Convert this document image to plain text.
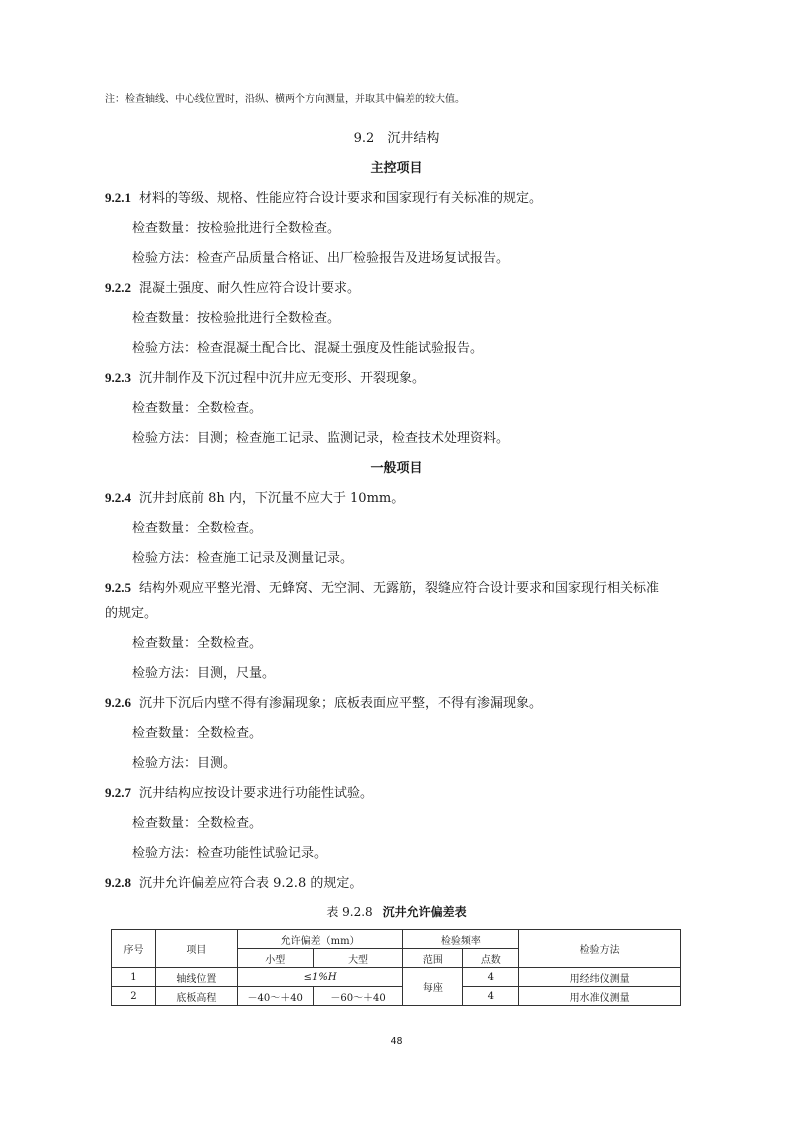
注：检查轴线、中心线位置时，沿纵、横两个方向测量，并取其中偏差的较大值。
9.2　沉井结构
主控项目
9.2.1 材料的等级、规格、性能应符合设计要求和国家现行有关标准的规定。
检查数量：按检验批进行全数检查。
检验方法：检查产品质量合格证、出厂检验报告及进场复试报告。
9.2.2 混凝土强度、耐久性应符合设计要求。
检查数量：按检验批进行全数检查。
检验方法：检查混凝土配合比、混凝土强度及性能试验报告。
9.2.3 沉井制作及下沉过程中沉井应无变形、开裂现象。
检查数量：全数检查。
检验方法：目测；检查施工记录、监测记录，检查技术处理资料。
一般项目
9.2.4 沉井封底前 8h 内，下沉量不应大于 10mm。
检查数量：全数检查。
检验方法：检查施工记录及测量记录。
9.2.5 结构外观应平整光滑、无蜂窝、无空洞、无露筋，裂缝应符合设计要求和国家现行相关标准
的规定。
检查数量：全数检查。
检验方法：目测，尺量。
9.2.6 沉井下沉后内壁不得有渗漏现象；底板表面应平整，不得有渗漏现象。
检查数量：全数检查。
检验方法：目测。
9.2.7 沉井结构应按设计要求进行功能性试验。
检查数量：全数检查。
检验方法：检查功能性试验记录。
9.2.8 沉井允许偏差应符合表 9.2.8 的规定。
表 9.2.8 沉井允许偏差表
序号	项目	允许偏差（mm）		检验频率		检验方法
		小型	大型	范围	点数	
1	轴线位置	≤1%H		每座	4	用经纬仪测量
2	底板高程	－40～＋40	－60～＋40		4	用水准仪测量
48
